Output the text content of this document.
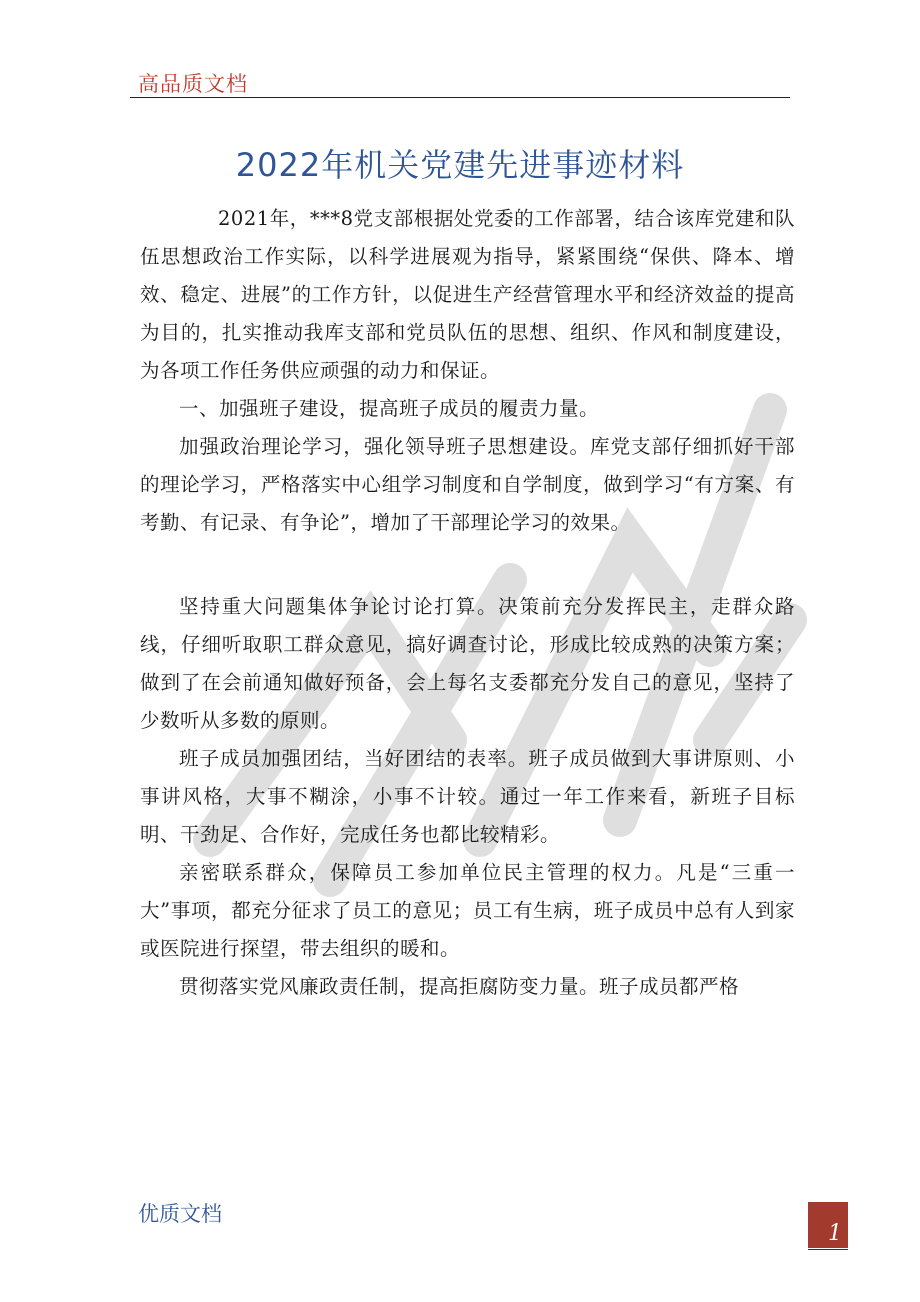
高品质文档
2022年机关党建先进事迹材料

2021年，***8党支部根据处党委的工作部署，结合该库党建和队伍思想政治工作实际，以科学进展观为指导，紧紧围绕“保供、降本、增效、稳定、进展”的工作方针，以促进生产经营管理水平和经济效益的提高为目的，扎实推动我库支部和党员队伍的思想、组织、作风和制度建设，为各项工作任务供应顽强的动力和保证。

一、加强班子建设，提高班子成员的履责力量。

加强政治理论学习，强化领导班子思想建设。库党支部仔细抓好干部的理论学习，严格落实中心组学习制度和自学制度，做到学习“有方案、有考勤、有记录、有争论”，增加了干部理论学习的效果。

坚持重大问题集体争论讨论打算。决策前充分发挥民主，走群众路线，仔细听取职工群众意见，搞好调查讨论，形成比较成熟的决策方案；做到了在会前通知做好预备，会上每名支委都充分发自己的意见，坚持了少数听从多数的原则。

班子成员加强团结，当好团结的表率。班子成员做到大事讲原则、小事讲风格，大事不糊涂，小事不计较。通过一年工作来看，新班子目标明、干劲足、合作好，完成任务也都比较精彩。

亲密联系群众，保障员工参加单位民主管理的权力。凡是“三重一大”事项，都充分征求了员工的意见；员工有生病，班子成员中总有人到家或医院进行探望，带去组织的暖和。

贯彻落实党风廉政责任制，提高拒腐防变力量。班子成员都严格

优质文档
1
